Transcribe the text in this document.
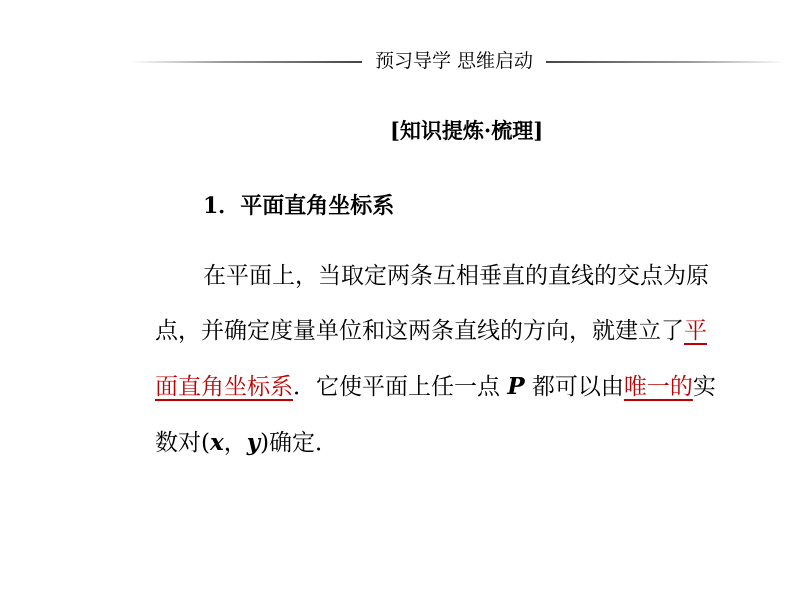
预习导学 思维启动
[知识提炼·梳理]
1．平面直角坐标系
在平面上，当取定两条互相垂直的直线的交点为原
点，并确定度量单位和这两条直线的方向，就建立了平
面直角坐标系．它使平面上任一点 P 都可以由唯一的实
数对(x，y)确定．
